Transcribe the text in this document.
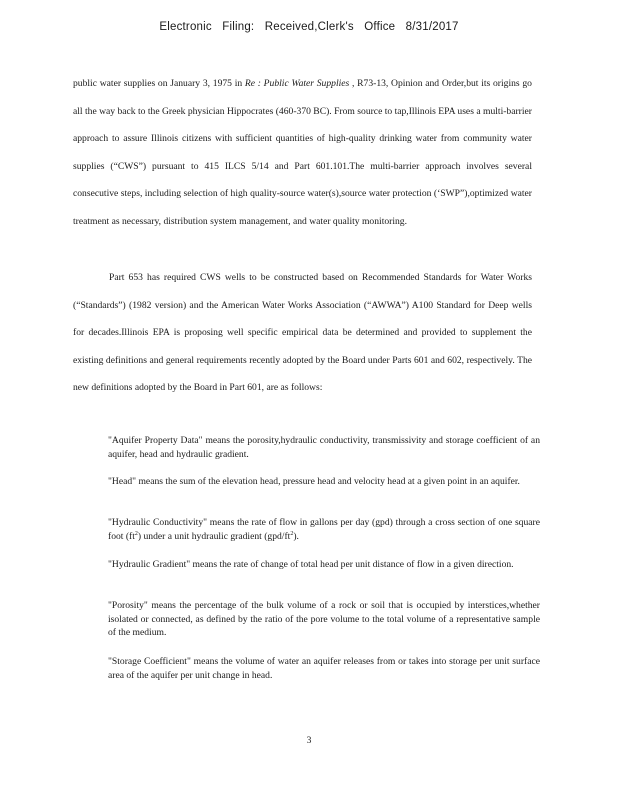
Electronic Filing: Received,Clerk's Office 8/31/2017

public water supplies on January 3, 1975 in Re : Public Water Supplies , R73-13, Opinion and Order,but its origins go all the way back to the Greek physician Hippocrates (460-370 BC). From source to tap,Illinois EPA uses a multi-barrier approach to assure Illinois citizens with sufficient quantities of high-quality drinking water from community water supplies (“CWS”) pursuant to 415 ILCS 5/14 and Part 601.101.The multi-barrier approach involves several consecutive steps, including selection of high quality-source water(s),source water protection (‘SWP”),optimized water treatment as necessary, distribution system management, and water quality monitoring.

Part 653 has required CWS wells to be constructed based on Recommended Standards for Water Works (“Standards”) (1982 version) and the American Water Works Association (“AWWA”) A100 Standard for Deep wells for decades.Illinois EPA is proposing well specific empirical data be determined and provided to supplement the existing definitions and general requirements recently adopted by the Board under Parts 601 and 602, respectively. The new definitions adopted by the Board in Part 601, are as follows:

"Aquifer Property Data" means the porosity,hydraulic conductivity, transmissivity and storage coefficient of an aquifer, head and hydraulic gradient.

"Head" means the sum of the elevation head, pressure head and velocity head at a given point in an aquifer.

"Hydraulic Conductivity" means the rate of flow in gallons per day (gpd) through a cross section of one square foot $(ft^2)$ under a unit hydraulic gradient $(gpd/ft^2)$.

"Hydraulic Gradient" means the rate of change of total head per unit distance of flow in a given direction.

"Porosity" means the percentage of the bulk volume of a rock or soil that is occupied by interstices,whether isolated or connected, as defined by the ratio of the pore volume to the total volume of a representative sample of the medium.

"Storage Coefficient" means the volume of water an aquifer releases from or takes into storage per unit surface area of the aquifer per unit change in head.

3
